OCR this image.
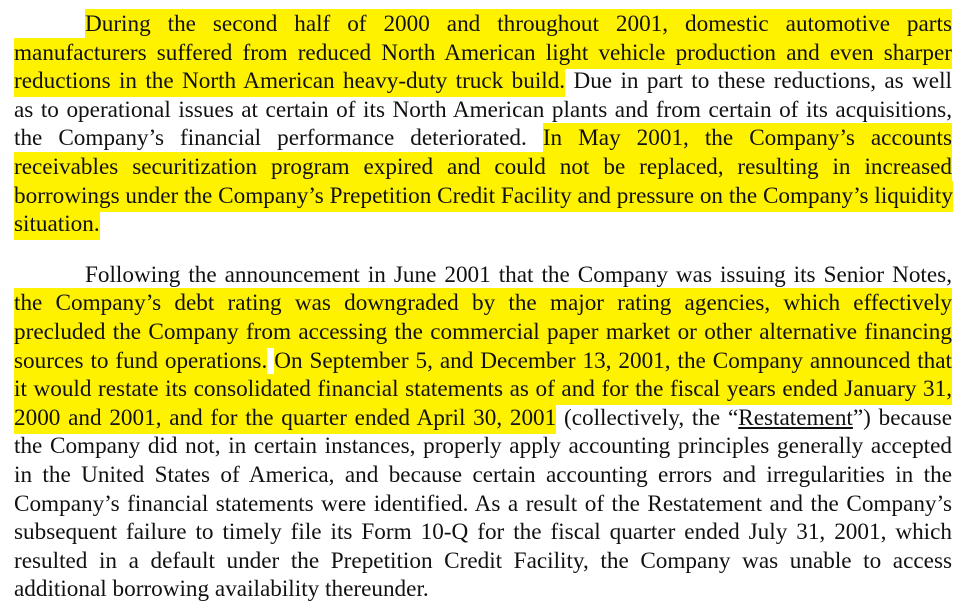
During the second half of 2000 and throughout 2001, domestic automotive parts
manufacturers suffered from reduced North American light vehicle production and even sharper
reductions in the North American heavy-duty truck build. Due in part to these reductions, as well
as to operational issues at certain of its North American plants and from certain of its acquisitions,
the Company’s financial performance deteriorated. In May 2001, the Company’s accounts
receivables securitization program expired and could not be replaced, resulting in increased
borrowings under the Company’s Prepetition Credit Facility and pressure on the Company’s liquidity
situation.
Following the announcement in June 2001 that the Company was issuing its Senior Notes,
the Company’s debt rating was downgraded by the major rating agencies, which effectively
precluded the Company from accessing the commercial paper market or other alternative financing
sources to fund operations. On September 5, and December 13, 2001, the Company announced that
it would restate its consolidated financial statements as of and for the fiscal years ended January 31,
2000 and 2001, and for the quarter ended April 30, 2001 (collectively, the “Restatement”) because
the Company did not, in certain instances, properly apply accounting principles generally accepted
in the United States of America, and because certain accounting errors and irregularities in the
Company’s financial statements were identified. As a result of the Restatement and the Company’s
subsequent failure to timely file its Form 10-Q for the fiscal quarter ended July 31, 2001, which
resulted in a default under the Prepetition Credit Facility, the Company was unable to access
additional borrowing availability thereunder.
